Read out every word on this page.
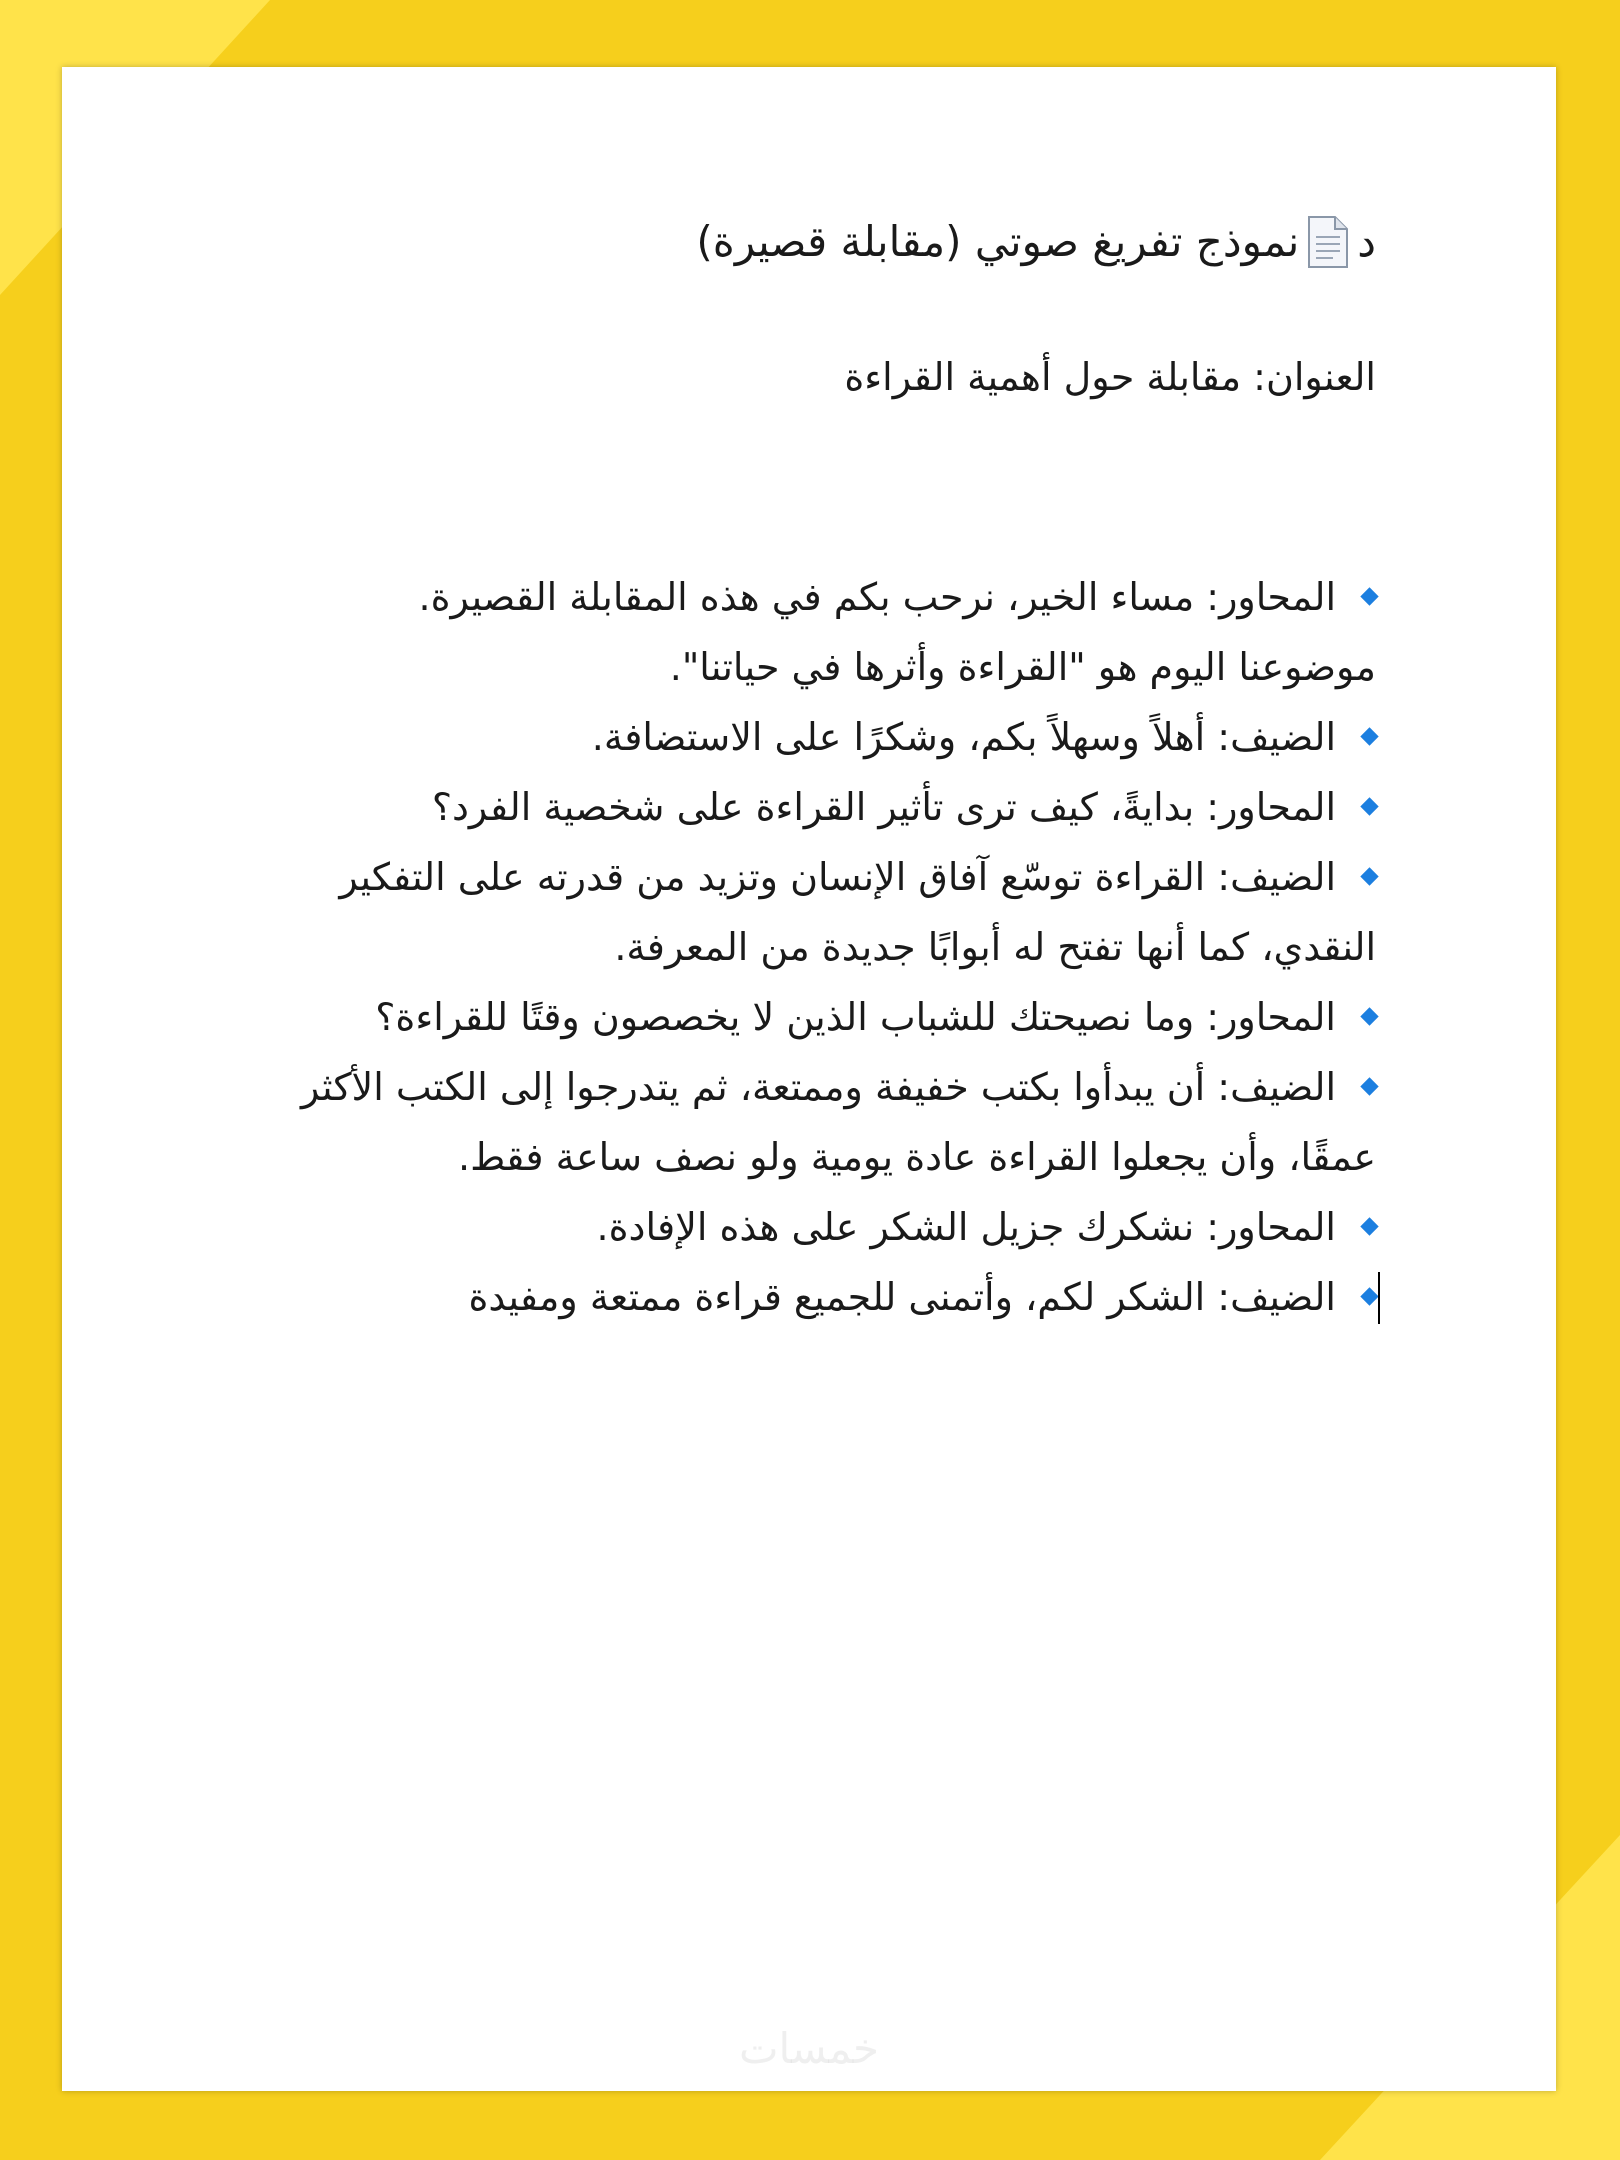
د
نموذج تفريغ صوتي (مقابلة قصيرة)

العنوان: مقابلة حول أهمية القراءة

المحاور: مساء الخير، نرحب بكم في هذه المقابلة القصيرة.
موضوعنا اليوم هو "القراءة وأثرها في حياتنا".
الضيف: أهلاً وسهلاً بكم، وشكرًا على الاستضافة.
المحاور: بدايةً، كيف ترى تأثير القراءة على شخصية الفرد؟
الضيف: القراءة توسّع آفاق الإنسان وتزيد من قدرته على التفكير
النقدي، كما أنها تفتح له أبوابًا جديدة من المعرفة.
المحاور: وما نصيحتك للشباب الذين لا يخصصون وقتًا للقراءة؟
الضيف: أن يبدأوا بكتب خفيفة وممتعة، ثم يتدرجوا إلى الكتب الأكثر
عمقًا، وأن يجعلوا القراءة عادة يومية ولو نصف ساعة فقط.
المحاور: نشكرك جزيل الشكر على هذه الإفادة.
الضيف: الشكر لكم، وأتمنى للجميع قراءة ممتعة ومفيدة
خمسات
